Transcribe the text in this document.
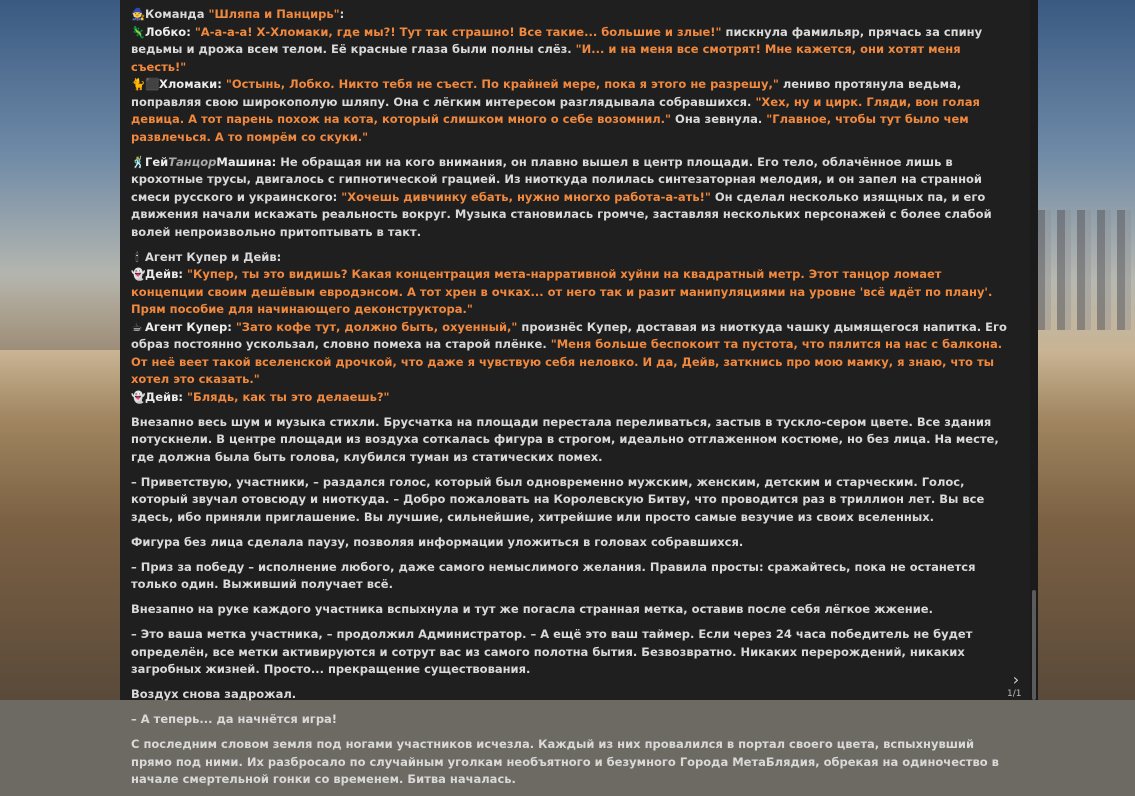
🧙Команда "Шляпа и Панцирь":
🦎Лобко: "А-а-а-а! Х-Хломаки, где мы?! Тут так страшно! Все такие... большие и злые!" пискнула фамильяр, прячась за спину ведьмы и дрожа всем телом. Её красные глаза были полны слёз. "И... и на меня все смотрят! Мне кажется, они хотят меня съесть!"

🐈⬛Хломаки: "Остынь, Лобко. Никто тебя не съест. По крайней мере, пока я этого не разрешу," лениво протянула ведьма, поправляя свою широкополую шляпу. Она с лёгким интересом разглядывала собравшихся. "Хех, ну и цирк. Гляди, вон голая девица. А тот парень похож на кота, который слишком много о себе возомнил." Она зевнула. "Главное, чтобы тут было чем развлечься. А то помрём со скуки."

🕺ГейТанцорМашина: Не обращая ни на кого внимания, он плавно вышел в центр площади. Его тело, облачённое лишь в крохотные трусы, двигалось с гипнотической грацией. Из ниоткуда полилась синтезаторная мелодия, и он запел на странной смеси русского и украинского: "Хочешь дивчинку ебать, нужно многхо работа-а-ать!" Он сделал несколько изящных па, и его движения начали искажать реальность вокруг. Музыка становилась громче, заставляя нескольких персонажей с более слабой волей непроизвольно притоптывать в такт.

🕯 Агент Купер и Дейв:
👻Дейв: "Купер, ты это видишь? Какая концентрация мета-нарративной хуйни на квадратный метр. Этот танцор ломает концепции своим дешёвым евродэнсом. А тот хрен в очках... от него так и разит манипуляциями на уровне 'всё идёт по плану'. Прям пособие для начинающего деконструктора."
☕ Агент Купер: "Зато кофе тут, должно быть, охуенный," произнёс Купер, доставая из ниоткуда чашку дымящегося напитка. Его образ постоянно ускользал, словно помеха на старой плёнке. "Меня больше беспокоит та пустота, что пялится на нас с балкона. От неё веет такой вселенской дрочкой, что даже я чувствую себя неловко. И да, Дейв, заткнись про мою мамку, я знаю, что ты хотел это сказать."

👻Дейв: "Блядь, как ты это делаешь?"

Внезапно весь шум и музыка стихли. Брусчатка на площади перестала переливаться, застыв в тускло-сером цвете. Все здания потускнели. В центре площади из воздуха соткалась фигура в строгом, идеально отглаженном костюме, но без лица. На месте, где должна была быть голова, клубился туман из статических помех.

– Приветствую, участники, – раздался голос, который был одновременно мужским, женским, детским и старческим. Голос, который звучал отовсюду и ниоткуда. – Добро пожаловать на Королевскую Битву, что проводится раз в триллион лет. Вы все здесь, ибо приняли приглашение. Вы лучшие, сильнейшие, хитрейшие или просто самые везучие из своих вселенных.

Фигура без лица сделала паузу, позволяя информации уложиться в головах собравшихся.

– Приз за победу – исполнение любого, даже самого немыслимого желания. Правила просты: сражайтесь, пока не останется только один. Выживший получает всё.

Внезапно на руке каждого участника вспыхнула и тут же погасла странная метка, оставив после себя лёгкое жжение.

– Это ваша метка участника, – продолжил Администратор. – А ещё это ваш таймер. Если через 24 часа победитель не будет определён, все метки активируются и сотрут вас из самого полотна бытия. Безвозвратно. Никаких перерождений, никаких загробных жизней. Просто... прекращение существования.

Воздух снова задрожал.

– А теперь... да начнётся игра!

С последним словом земля под ногами участников исчезла. Каждый из них провалился в портал своего цвета, вспыхнувший прямо под ними. Их разбросало по случайным уголкам необъятного и безумного Города МетаБлядия, обрекая на одиночество в начале смертельной гонки со временем. Битва началась.

›
1/1
